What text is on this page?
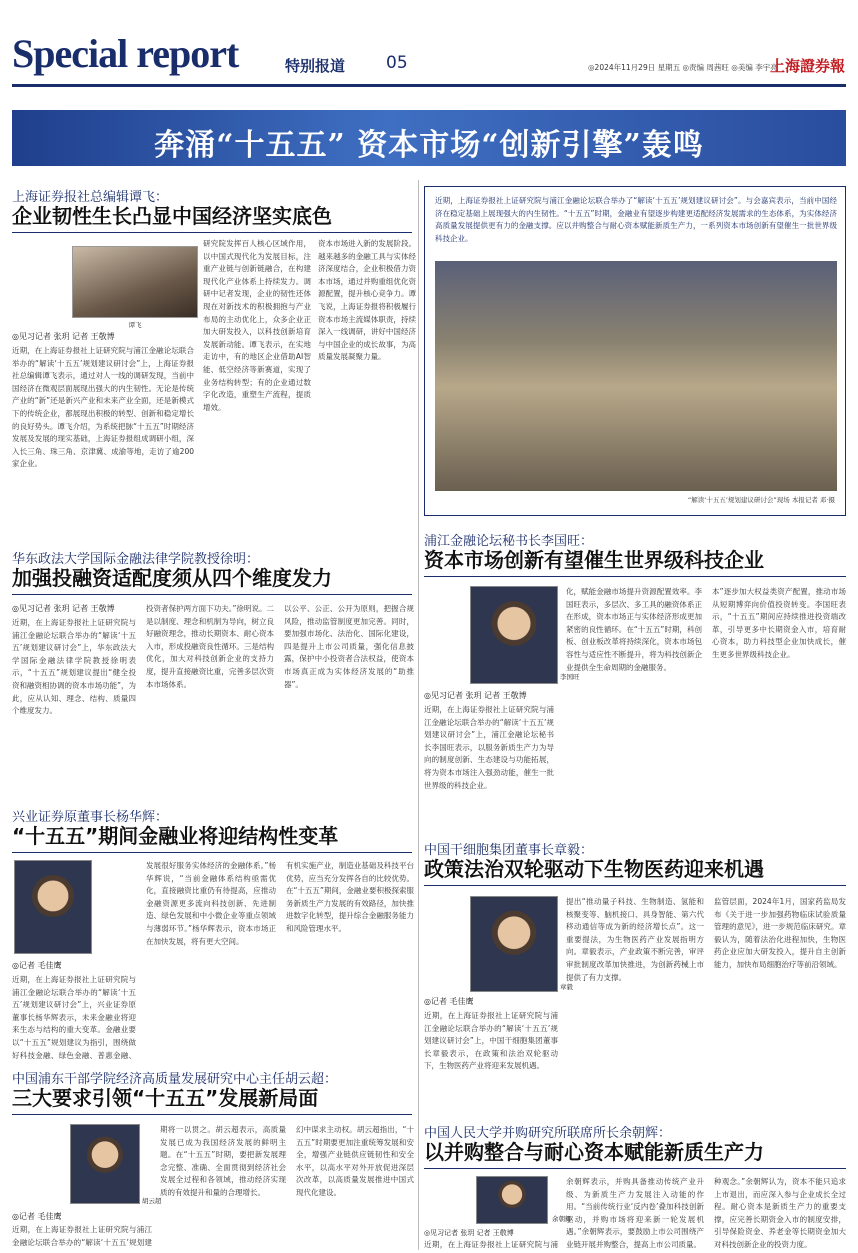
Special report	特别报道 05	◎2024年11月29日 星期五 ◎责编 周茜旺 ◎美编 李宇亮
上海證券報
奔涌“十五五” 资本市场“创新引擎”轰鸣
近期，上海证券报社上证研究院与浦江金融论坛联合举办了“解读‘十五五’规划建议研讨会”。与会嘉宾表示，当前中国经济在稳定基础上展现强大的内生韧性。“十五五”时期，金融业有望逐步构建更适配经济发展需求的生态体系，为实体经济高质量发展提供更有力的金融支撑。应以并购整合与耐心资本赋能新质生产力，一系列资本市场创新有望催生一批世界级科技企业。
“解读‘十五五’规划建议研讨会”现场 本报记者 邓·摄
上海证券报社总编辑谭飞：
企业韧性生长凸显中国经济坚实底色
谭飞
◎见习记者 张玥 记者 王敬博
近期，在上海证券报社上证研究院与浦江金融论坛联合举办的“解读‘十五五’规划建议研讨会”上，上海证券报社总编辑谭飞表示，通过对人一线的调研发现，当前中国经济在微观层面展现出强大的内生韧性。无论是传统产业的“新”还是新兴产业和未来产业全面，还是新模式下的传统企业，都展现出积极的转型、创新和稳定增长的良好势头。谭飞介绍，为系统把脉“十五五”时期经济发展及发展的现实基础，上海证券报组成调研小组，深入长三角、珠三角、京津冀、成渝等地，走访了逾200家企业。
研究院发挥百人核心区域作用，以中国式现代化为发展目标，注重产业链与创新链融合，在构建现代化产业体系上持续发力。调研中记者发现，企业的韧性还体现在对新技术的积极拥抱与产业布局的主动优化上，众多企业正加大研发投入，以科技创新培育发展新动能。谭飞表示，在实地走访中，有的地区企业借助AI智能、低空经济等新赛道，实现了业务结构转型；有的企业通过数字化改造，重塑生产流程，提质增效。
资本市场进入新的发展阶段。越来越多的金融工具与实体经济深度结合，企业积极借力资本市场，通过并购重组优化资源配置，提升核心竞争力。谭飞说，上海证券报将积极履行资本市场主流媒体职责，持续深入一线调研，讲好中国经济与中国企业的成长故事，为高质量发展凝聚力量。
华东政法大学国际金融法律学院教授徐明：
加强投融资适配度须从四个维度发力
◎见习记者 张玥 记者 王敬博
近期，在上海证券报社上证研究院与浦江金融论坛联合举办的“解读‘十五五’规划建议研讨会”上，华东政法大学国际金融法律学院教授徐明表示，“十五五”规划建议提出“健全投资和融资相协调的资本市场功能”，为此，应从认知、理念、结构、质量四个维度发力。
投资者保护两方面下功夫。”徐明说。二是以制度、理念和机制为导向，树立良好融资理念，推动长期资本、耐心资本入市，形成投融资良性循环。三是结构优化，加大对科技创新企业的支持力度，提升直接融资比重，完善多层次资本市场体系。
以公平、公正、公开为原则，把握合规风险，推动监管制度更加完善。同时，要加强市场化、法治化、国际化建设，四是提升上市公司质量，强化信息披露，保护中小投资者合法权益，使资本市场真正成为实体经济发展的“助推器”。
兴业证券原董事长杨华辉：
“十五五”期间金融业将迎结构性变革
◎记者 毛佳鹰
近期，在上海证券报社上证研究院与浦江金融论坛联合举办的“解读‘十五五’规划建议研讨会”上，兴业证券原董事长杨华辉表示，未来金融业将迎来生态与结构的重大变革。金融业要以“十五五”规划建议为指引，围绕做好科技金融、绿色金融、普惠金融、
发展很好服务实体经济的金融体系。”杨华辉说，“当前金融体系结构亟需优化，直接融资比重仍有待提高，应推动金融资源更多流向科技创新、先进制造、绿色发展和中小微企业等重点领域与薄弱环节。”杨华辉表示，资本市场正在加快发展，将有更大空间。
有机实施产业，制造业基础及科技平台优势，应当充分发挥各自的比较优势。在“十五五”期间，金融业要积极探索服务新质生产力发展的有效路径，加快推进数字化转型，提升综合金融服务能力和风险管理水平。
中国浦东干部学院经济高质量发展研究中心主任胡云超：
三大要求引领“十五五”发展新局面
胡云超
◎记者 毛佳鹰
近期，在上海证券报社上证研究院与浦江金融论坛联合举办的“解读‘十五五’规划建
期将一以贯之。胡云超表示，高质量发展已成为我国经济发展的鲜明主题。在“十五五”时期，要把新发展理念完整、准确、全面贯彻到经济社会发展全过程和各领域，推动经济实现质的有效提升和量的合理增长。
幻中谋求主动权。胡云超指出，“十五五”时期要更加注重统筹发展和安全，增强产业链供应链韧性和安全水平，以高水平对外开放促进深层次改革，以高质量发展推进中国式现代化建设。
浦江金融论坛秘书长李国旺：
资本市场创新有望催生世界级科技企业
李国旺
◎见习记者 张玥 记者 王敬博
近期，在上海证券报社上证研究院与浦江金融论坛联合举办的“解读‘十五五’规划建议研讨会”上，浦江金融论坛秘书长李国旺表示，以服务新质生产力为导向的制度创新、生态建设与功能拓展，将为资本市场注入强劲动能，催生一批世界级的科技企业。
化，赋能金融市场提升资源配置效率。李国旺表示，多层次、多工具的融资体系正在形成，资本市场正与实体经济形成更加紧密的良性循环。在“十五五”时期，科创板、创业板改革将持续深化，资本市场包容性与适应性不断提升，将为科技创新企业提供全生命周期的金融服务。
本”逐步加大权益类资产配置，推动市场从短期博弈向价值投资转变。李国旺表示，“十五五”期间应持续推进投资端改革，引导更多中长期资金入市，培育耐心资本，助力科技型企业加快成长，催生更多世界级科技企业。
中国干细胞集团董事长章毅：
政策法治双轮驱动下生物医药迎来机遇
章毅
◎记者 毛佳鹰
近期，在上海证券报社上证研究院与浦江金融论坛联合举办的“解读‘十五五’规划建议研讨会”上，中国干细胞集团董事长章毅表示，在政策和法治双轮驱动下，生物医药产业将迎来发展机遇。
提出“推动量子科技、生物制造、氢能和核聚变等、脑机接口、具身智能、第六代移动通信等成为新的经济增长点”。这一重要提法，为生物医药产业发展指明方向。章毅表示，产业政策不断完善，审评审批制度改革加快推进，为创新药械上市提供了有力支撑。
监管层面，2024年1月，国家药监局发布《关于进一步加强药物临床试验质量管理的意见》，进一步规范临床研究。章毅认为，随着法治化进程加快，生物医药企业应加大研发投入，提升自主创新能力，加快布局细胞治疗等前沿领域。
中国人民大学并购研究所联席所长余朝辉：
以并购整合与耐心资本赋能新质生产力
余朝辉
◎见习记者 张玥 记者 王敬博
近期，在上海证券报社上证研究院与浦
余朝辉表示，并购具备推动传统产业升级、为新质生产力发展注入动能的作用。“当前传统行业‘反内卷’叠加科技创新驱动，并购市场将迎来新一轮发展机遇。”余朝辉表示，要鼓励上市公司围绕产业链开展并购整合，提高上市公司质量。
种观念。”余朝辉认为，资本不能只追求上市退出，而应深入参与企业成长全过程。耐心资本是新质生产力的重要支撑，应完善长期资金入市的制度安排，引导保险资金、养老金等长期资金加大对科技创新企业的投资力度。
